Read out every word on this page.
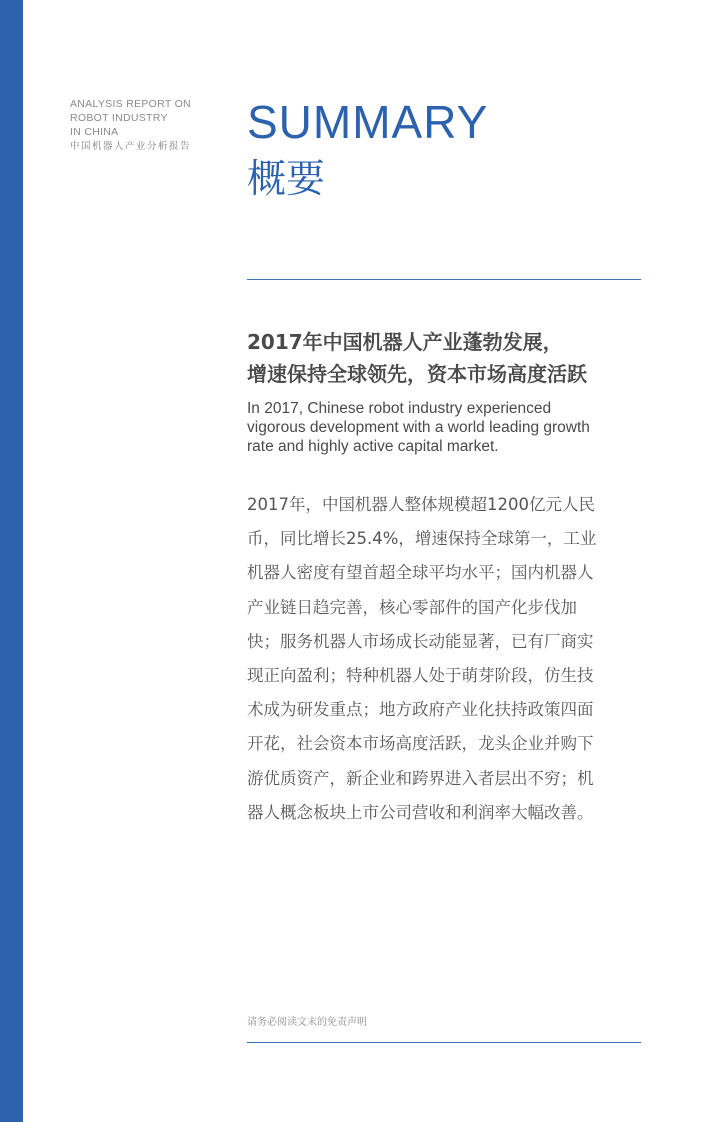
ANALYSIS REPORT ON
ROBOT INDUSTRY
IN CHINA
中国机器人产业分析报告	SUMMARY
概要
2017年中国机器人产业蓬勃发展，
增速保持全球领先，资本市场高度活跃
In 2017, Chinese robot industry experienced
vigorous development with a world leading growth
rate and highly active capital market.
2017年，中国机器人整体规模超1200亿元人民
币，同比增长25.4%，增速保持全球第一，工业
机器人密度有望首超全球平均水平；国内机器人
产业链日趋完善，核心零部件的国产化步伐加
快；服务机器人市场成长动能显著，已有厂商实
现正向盈利；特种机器人处于萌芽阶段，仿生技
术成为研发重点；地方政府产业化扶持政策四面
开花，社会资本市场高度活跃，龙头企业并购下
游优质资产，新企业和跨界进入者层出不穷；机
器人概念板块上市公司营收和利润率大幅改善。
请务必阅读文末的免责声明
